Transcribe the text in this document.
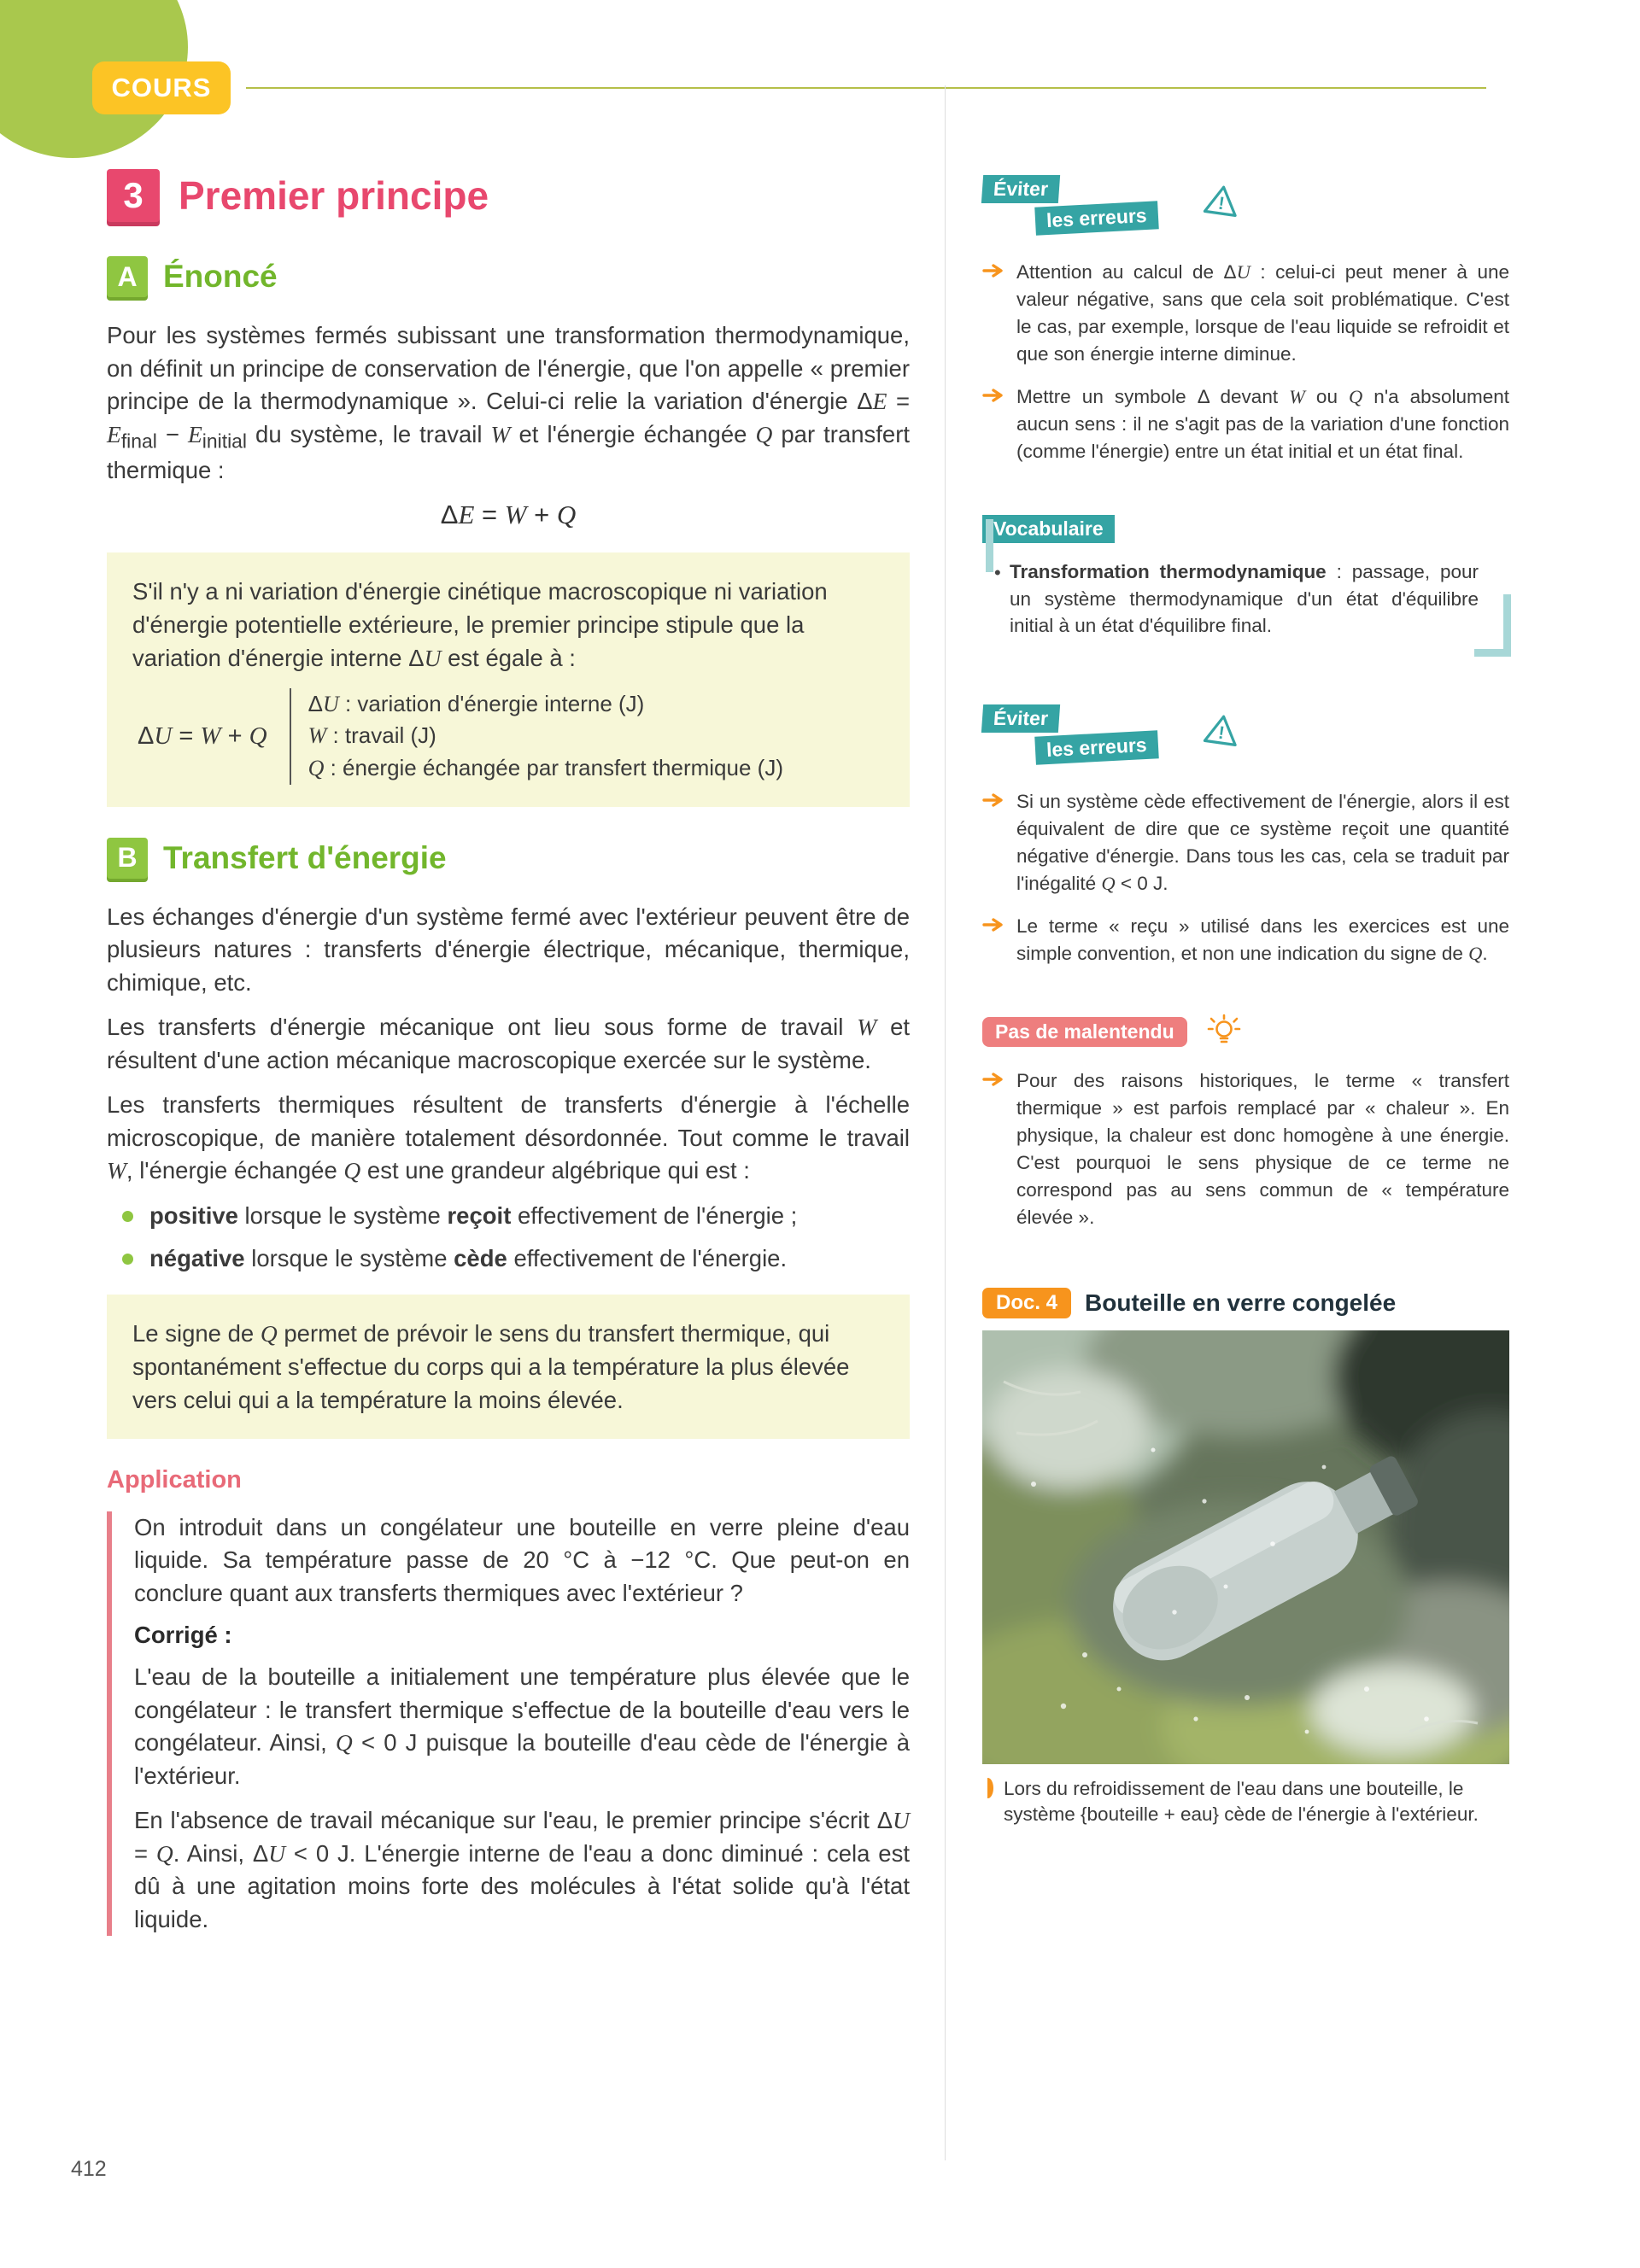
COURS
3 Premier principe
A Énoncé

Pour les systèmes fermés subissant une transformation thermodynamique, on définit un principe de conservation de l'énergie, que l'on appelle « premier principe de la thermodynamique ». Celui-ci relie la variation d'énergie $\Delta E = E_{final} - E_{initial}$ du système, le travail W et l'énergie échangée Q par transfert thermique :

ΔE = W + Q
S'il n'y a ni variation d'énergie cinétique macroscopique ni variation d'énergie potentielle extérieure, le premier principe stipule que la variation d'énergie interne ΔU est égale à :
ΔU = W + Q
ΔU : variation d'énergie interne (J)
W : travail (J)
Q : énergie échangée par transfert thermique (J)
B Transfert d'énergie

Les échanges d'énergie d'un système fermé avec l'extérieur peuvent être de plusieurs natures : transferts d'énergie électrique, mécanique, thermique, chimique, etc.

Les transferts d'énergie mécanique ont lieu sous forme de travail W et résultent d'une action mécanique macroscopique exercée sur le système.

Les transferts thermiques résultent de transferts d'énergie à l'échelle microscopique, de manière totalement désordonnée. Tout comme le travail W, l'énergie échangée Q est une grandeur algébrique qui est :

positive lorsque le système reçoit effectivement de l'énergie ;
négative lorsque le système cède effectivement de l'énergie.
Le signe de Q permet de prévoir le sens du transfert thermique, qui spontanément s'effectue du corps qui a la température la plus élevée vers celui qui a la température la moins élevée.
Application

On introduit dans un congélateur une bouteille en verre pleine d'eau liquide. Sa température passe de 20 °C à −12 °C. Que peut-on en conclure quant aux transferts thermiques avec l'extérieur ?

Corrigé :

L'eau de la bouteille a initialement une température plus élevée que le congélateur : le transfert thermique s'effectue de la bouteille d'eau vers le congélateur. Ainsi, Q < 0 J puisque la bouteille d'eau cède de l'énergie à l'extérieur.

En l'absence de travail mécanique sur l'eau, le premier principe s'écrit ΔU = Q. Ainsi, ΔU < 0 J. L'énergie interne de l'eau a donc diminué : cela est dû à une agitation moins forte des molécules à l'état solide qu'à l'état liquide.

Éviter
les erreurs
!

Attention au calcul de ΔU : celui-ci peut mener à une valeur négative, sans que cela soit problématique. C'est le cas, par exemple, lorsque de l'eau liquide se refroidit et que son énergie interne diminue.

Mettre un symbole Δ devant W ou Q n'a absolument aucun sens : il ne s'agit pas de la variation d'une fonction (comme l'énergie) entre un état initial et un état final.

Vocabulaire
• Transformation thermodynamique : passage, pour un système thermodynamique d'un état d'équilibre initial à un état d'équilibre final.
Éviter
les erreurs
!

Si un système cède effectivement de l'énergie, alors il est équivalent de dire que ce système reçoit une quantité négative d'énergie. Dans tous les cas, cela se traduit par l'inégalité Q < 0 J.

Le terme « reçu » utilisé dans les exercices est une simple convention, et non une indication du signe de Q.

Pas de malentendu

Pour des raisons historiques, le terme « transfert thermique » est parfois remplacé par « chaleur ». En physique, la chaleur est donc homogène à une énergie. C'est pourquoi le sens physique de ce terme ne correspond pas au sens commun de « température élevée ».

Doc. 4	Bouteille en verre congelée

Lors du refroidissement de l'eau dans une bouteille, le système {bouteille + eau} cède de l'énergie à l'extérieur.

412
